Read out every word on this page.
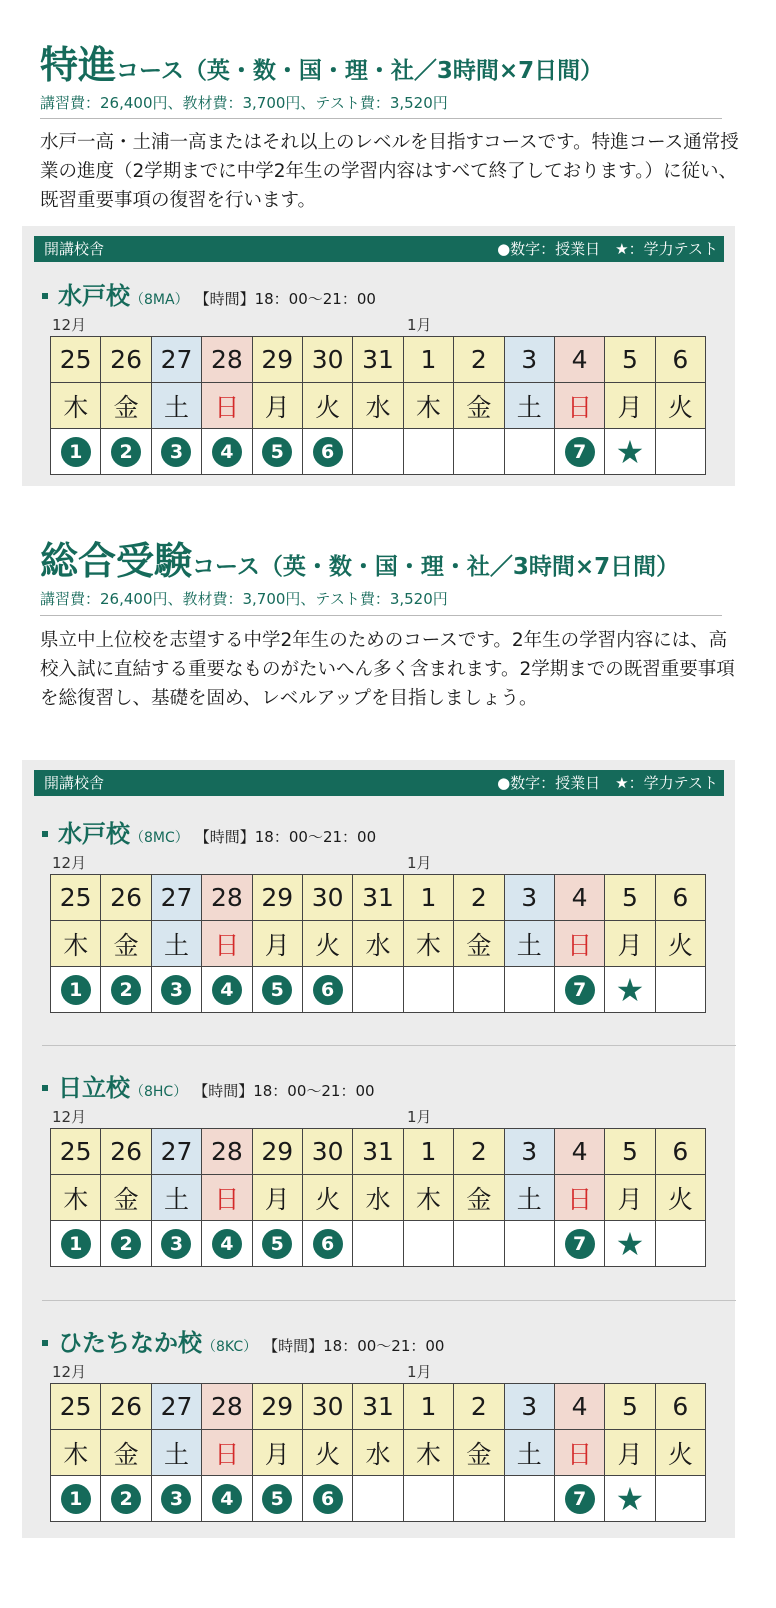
特進コース（英・数・国・理・社／3時間×7日間）
講習費：26,400円、教材費：3,700円、テスト費：3,520円
水戸一高・土浦一高またはそれ以上のレベルを目指すコースです。特進コース通常授業の進度（2学期までに中学2年生の学習内容はすべて終了しております。）に従い、既習重要事項の復習を行います。
開講校舎	●数字：授業日　★：学力テスト
水戸校 （8MA） 【時間】18：00〜21：00
12月	1月
25	26	27	28	29	30	31	1	2	3	4	5	6
木	金	土	日	月	火	水	木	金	土	日	月	火
1	2	3	4	5	6					7	★	
総合受験コース（英・数・国・理・社／3時間×7日間）
講習費：26,400円、教材費：3,700円、テスト費：3,520円
県立中上位校を志望する中学2年生のためのコースです。2年生の学習内容には、高校入試に直結する重要なものがたいへん多く含まれます。2学期までの既習重要事項を総復習し、基礎を固め、レベルアップを目指しましょう。
開講校舎	●数字：授業日　★：学力テスト
水戸校 （8MC） 【時間】18：00〜21：00
12月	1月
25	26	27	28	29	30	31	1	2	3	4	5	6
木	金	土	日	月	火	水	木	金	土	日	月	火
1	2	3	4	5	6					7	★	
日立校 （8HC） 【時間】18：00〜21：00
12月	1月
25	26	27	28	29	30	31	1	2	3	4	5	6
木	金	土	日	月	火	水	木	金	土	日	月	火
1	2	3	4	5	6					7	★	
ひたちなか校 （8KC） 【時間】18：00〜21：00
12月	1月
25	26	27	28	29	30	31	1	2	3	4	5	6
木	金	土	日	月	火	水	木	金	土	日	月	火
1	2	3	4	5	6					7	★	
